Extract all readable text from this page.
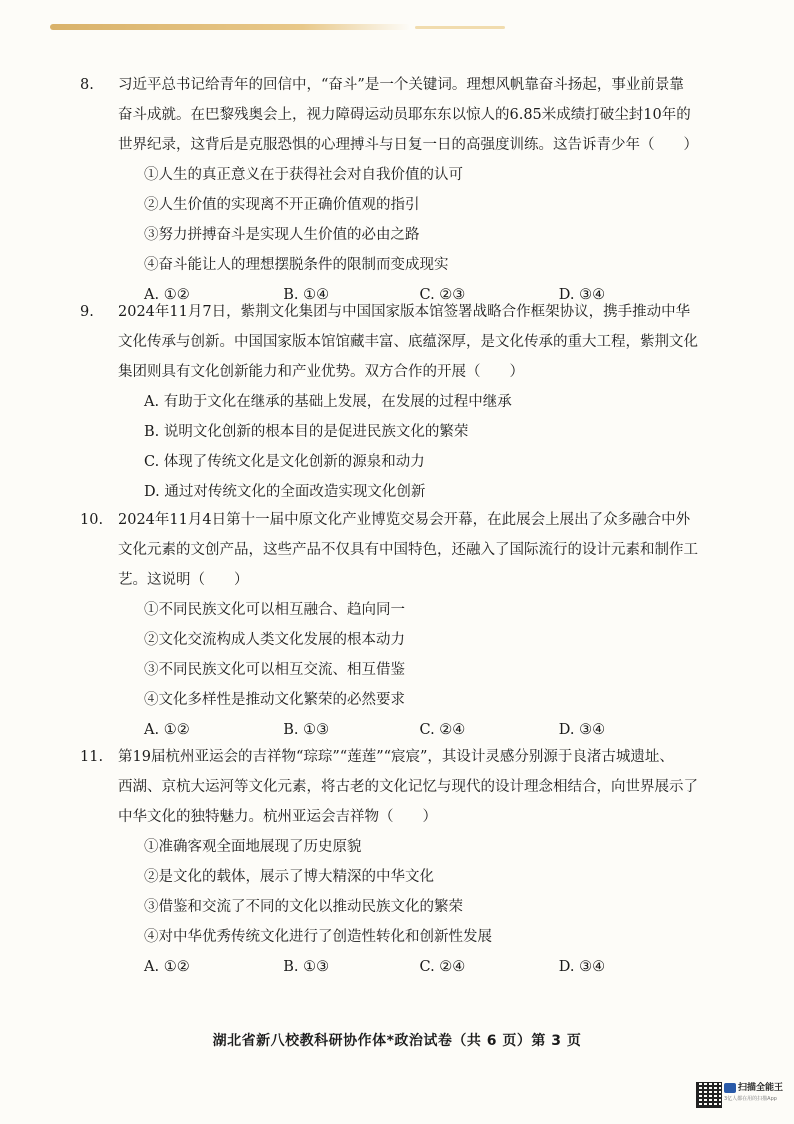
8.	习近平总书记给青年的回信中，“奋斗”是一个关键词。理想风帆靠奋斗扬起，事业前景靠
奋斗成就。在巴黎残奥会上，视力障碍运动员耶东东以惊人的6.85米成绩打破尘封10年的
世界纪录，这背后是克服恐惧的心理搏斗与日复一日的高强度训练。这告诉青少年（　　）
①人生的真正意义在于获得社会对自我价值的认可
②人生价值的实现离不开正确价值观的指引
③努力拼搏奋斗是实现人生价值的必由之路
④奋斗能让人的理想摆脱条件的限制而变成现实
A. ①②	B. ①④	C. ②③	D. ③④
9.	2024年11月7日，紫荆文化集团与中国国家版本馆签署战略合作框架协议，携手推动中华
文化传承与创新。中国国家版本馆馆藏丰富、底蕴深厚，是文化传承的重大工程，紫荆文化
集团则具有文化创新能力和产业优势。双方合作的开展（　　）
A. 有助于文化在继承的基础上发展，在发展的过程中继承
B. 说明文化创新的根本目的是促进民族文化的繁荣
C. 体现了传统文化是文化创新的源泉和动力
D. 通过对传统文化的全面改造实现文化创新
10.	2024年11月4日第十一届中原文化产业博览交易会开幕，在此展会上展出了众多融合中外
文化元素的文创产品，这些产品不仅具有中国特色，还融入了国际流行的设计元素和制作工
艺。这说明（　　）
①不同民族文化可以相互融合、趋向同一
②文化交流构成人类文化发展的根本动力
③不同民族文化可以相互交流、相互借鉴
④文化多样性是推动文化繁荣的必然要求
A. ①②	B. ①③	C. ②④	D. ③④
11.	第19届杭州亚运会的吉祥物“琮琮”“莲莲”“宸宸”，其设计灵感分别源于良渚古城遗址、
西湖、京杭大运河等文化元素，将古老的文化记忆与现代的设计理念相结合，向世界展示了
中华文化的独特魅力。杭州亚运会吉祥物（　　）
①准确客观全面地展现了历史原貌
②是文化的载体，展示了博大精深的中华文化
③借鉴和交流了不同的文化以推动民族文化的繁荣
④对中华优秀传统文化进行了创造性转化和创新性发展
A. ①②	B. ①③	C. ②④	D. ③④
湖北省新八校教科研协作体*政治试卷（共 6 页）第 3 页
扫描全能王
3亿人都在用的扫描App
